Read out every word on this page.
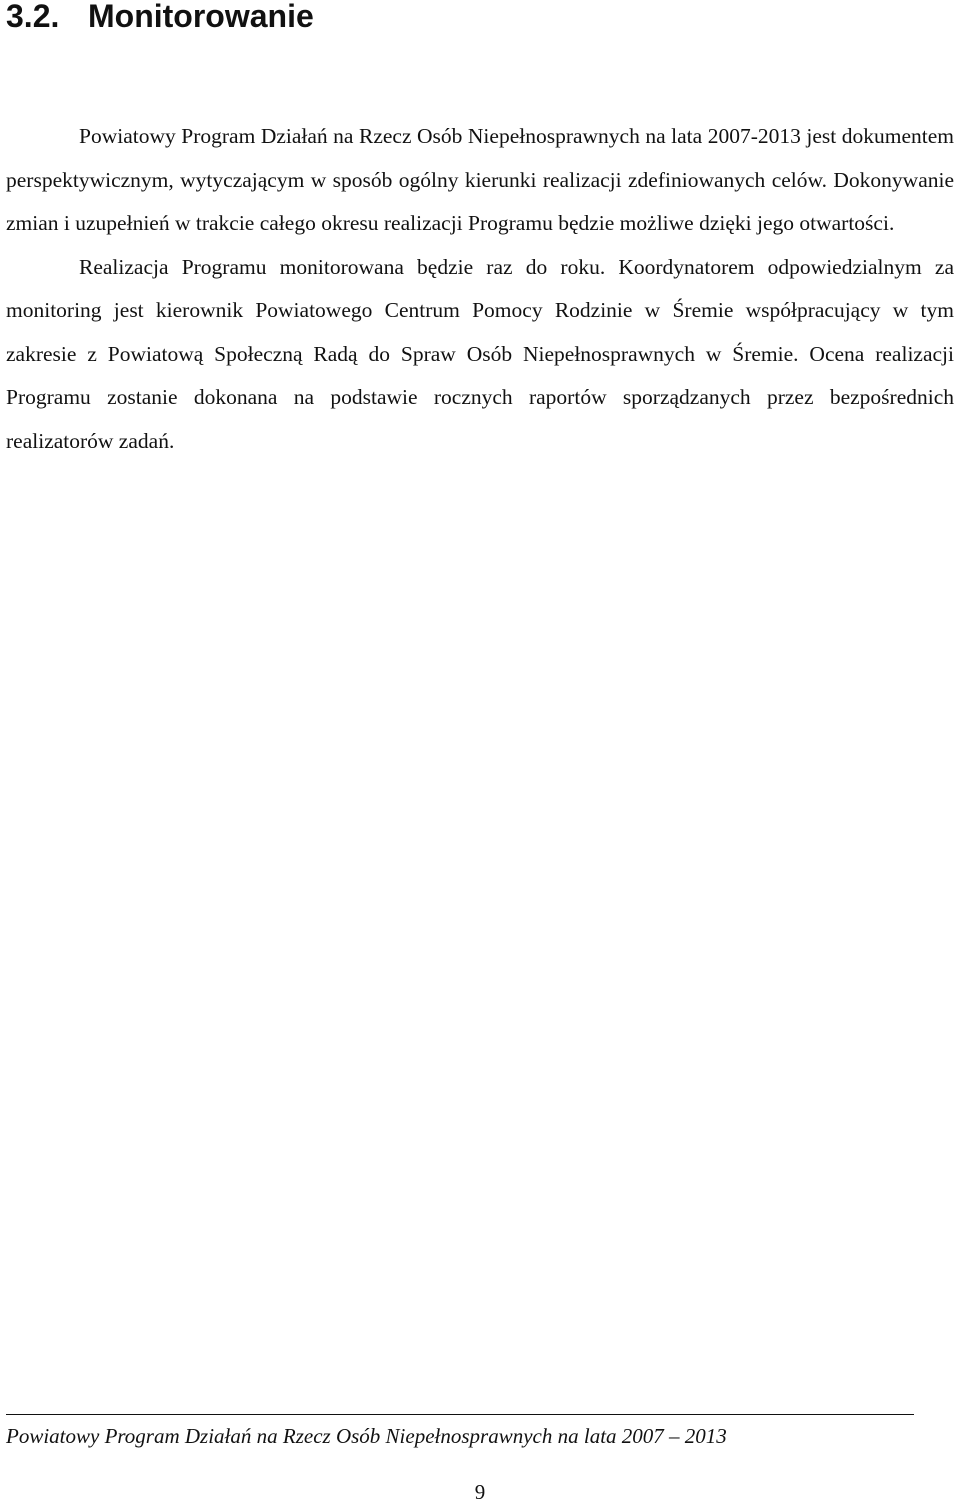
3.2. Monitorowanie

Powiatowy Program Działań na Rzecz Osób Niepełnosprawnych na lata 2007-2013 jest dokumentem perspektywicznym, wytyczającym w sposób ogólny kierunki realizacji zdefiniowanych celów. Dokonywanie zmian i uzupełnień w trakcie całego okresu realizacji Programu będzie możliwe dzięki jego otwartości.

Realizacja Programu monitorowana będzie raz do roku. Koordynatorem odpowiedzialnym za monitoring jest kierownik Powiatowego Centrum Pomocy Rodzinie w Śremie współpracujący w tym zakresie z Powiatową Społeczną Radą do Spraw Osób Niepełnosprawnych w Śremie. Ocena realizacji Programu zostanie dokonana na podstawie rocznych raportów sporządzanych przez bezpośrednich realizatorów zadań.

Powiatowy Program Działań na Rzecz Osób Niepełnosprawnych na lata 2007 – 2013
9
